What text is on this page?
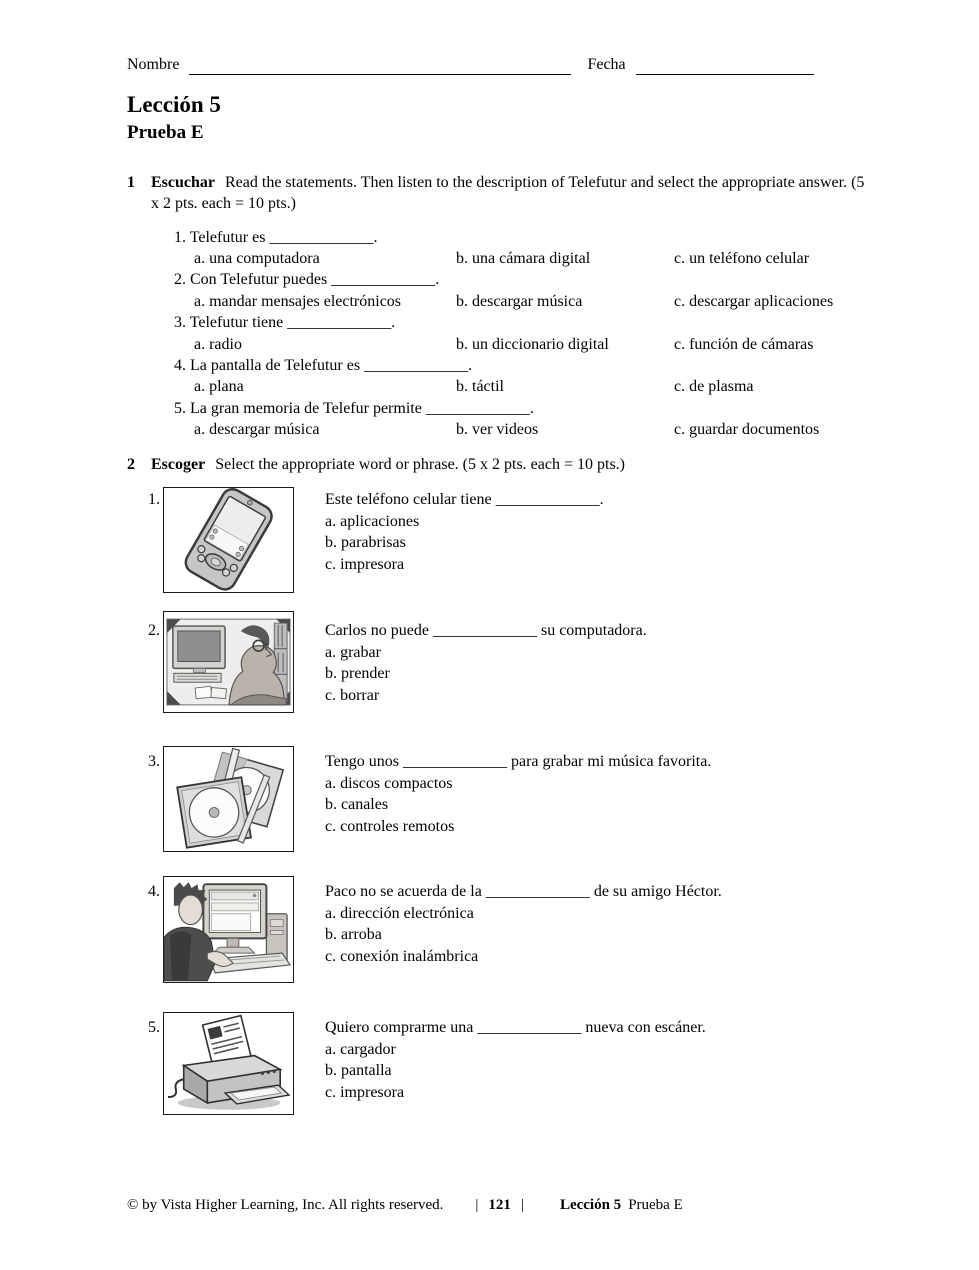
Nombre	Fecha
Lección 5
Prueba E
1	Escuchar Read the statements. Then listen to the description of Telefutur and select the appropriate answer. (5 x 2 pts. each = 10 pts.)

1. Telefutur es _____________.
a. una computadora	b. una cámara digital	c. un teléfono celular
2. Con Telefutur puedes _____________.
a. mandar mensajes electrónicos	b. descargar música	c. descargar aplicaciones
3. Telefutur tiene _____________.
a. radio	b. un diccionario digital	c. función de cámaras
4. La pantalla de Telefutur es _____________.
a. plana	b. táctil	c. de plasma
5. La gran memoria de Telefur permite _____________.
a. descargar música	b. ver videos	c. guardar documentos
2	Escoger Select the appropriate word or phrase. (5 x 2 pts. each = 10 pts.)

1.	Este teléfono celular tiene _____________.
a. aplicaciones
b. parabrisas
c. impresora
2.	Carlos no puede _____________ su computadora.
a. grabar
b. prender
c. borrar
3.	Tengo unos _____________ para grabar mi música favorita.
a. discos compactos
b. canales
c. controles remotos
4.	Paco no se acuerda de la _____________ de su amigo Héctor.
a. dirección electrónica
b. arroba
c. conexión inalámbrica
5.	Quiero comprarme una _____________ nueva con escáner.
a. cargador
b. pantalla
c. impresora
© by Vista Higher Learning, Inc. All rights reserved. | 121 | Lección 5 Prueba E
